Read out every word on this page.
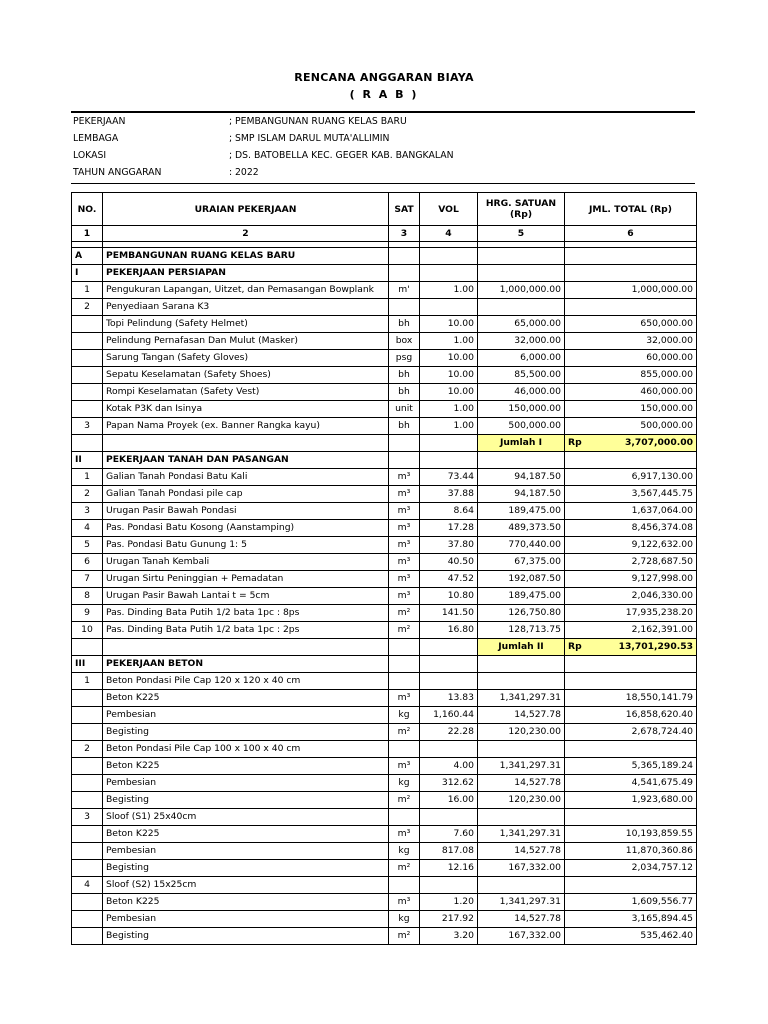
RENCANA ANGGARAN BIAYA
( R A B )
PEKERJAAN	; PEMBANGUNAN RUANG KELAS BARU
LEMBAGA	; SMP ISLAM DARUL MUTA'ALLIMIN
LOKASI	; DS. BATOBELLA KEC. GEGER KAB. BANGKALAN
TAHUN ANGGARAN	: 2022
NO.	URAIAN PEKERJAAN	SAT	VOL	HRG. SATUAN (Rp)	JML. TOTAL (Rp)
1	2	3	4	5	6

A	PEMBANGUNAN RUANG KELAS BARU				
I	PEKERJAAN PERSIAPAN				
1	Pengukuran Lapangan, Uitzet, dan Pemasangan Bowplank	m'	1.00	1,000,000.00	1,000,000.00
2	Penyediaan Sarana K3				
	Topi Pelindung (Safety Helmet)	bh	10.00	65,000.00	650,000.00
	Pelindung Pernafasan Dan Mulut (Masker)	box	1.00	32,000.00	32,000.00
	Sarung Tangan (Safety Gloves)	psg	10.00	6,000.00	60,000.00
	Sepatu Keselamatan (Safety Shoes)	bh	10.00	85,500.00	855,000.00
	Rompi Keselamatan (Safety Vest)	bh	10.00	46,000.00	460,000.00
	Kotak P3K dan Isinya	unit	1.00	150,000.00	150,000.00
3	Papan Nama Proyek (ex. Banner Rangka kayu)	bh	1.00	500,000.00	500,000.00
				Jumlah I	Rp 3,707,000.00

II	PEKERJAAN TANAH DAN PASANGAN				
1	Galian Tanah Pondasi Batu Kali	m³	73.44	94,187.50	6,917,130.00
2	Galian Tanah Pondasi pile cap	m³	37.88	94,187.50	3,567,445.75
3	Urugan Pasir Bawah Pondasi	m³	8.64	189,475.00	1,637,064.00
4	Pas. Pondasi Batu Kosong (Aanstamping)	m³	17.28	489,373.50	8,456,374.08
5	Pas. Pondasi Batu Gunung 1: 5	m³	37.80	770,440.00	9,122,632.00
6	Urugan Tanah Kembali	m³	40.50	67,375.00	2,728,687.50
7	Urugan Sirtu Peninggian + Pemadatan	m³	47.52	192,087.50	9,127,998.00
8	Urugan Pasir Bawah Lantai t = 5cm	m³	10.80	189,475.00	2,046,330.00
9	Pas. Dinding Bata Putih 1/2 bata 1pc : 8ps	m²	141.50	126,750.80	17,935,238.20
10	Pas. Dinding Bata Putih 1/2 bata 1pc : 2ps	m²	16.80	128,713.75	2,162,391.00
				Jumlah II	Rp 13,701,290.53

III	PEKERJAAN BETON				
1	Beton Pondasi Pile Cap 120 x 120 x 40 cm				
	Beton K225	m³	13.83	1,341,297.31	18,550,141.79
	Pembesian	kg	1,160.44	14,527.78	16,858,620.40
	Begisting	m²	22.28	120,230.00	2,678,724.40
2	Beton Pondasi Pile Cap 100 x 100 x 40 cm				
	Beton K225	m³	4.00	1,341,297.31	5,365,189.24
	Pembesian	kg	312.62	14,527.78	4,541,675.49
	Begisting	m²	16.00	120,230.00	1,923,680.00
3	Sloof (S1) 25x40cm				
	Beton K225	m³	7.60	1,341,297.31	10,193,859.55
	Pembesian	kg	817.08	14,527.78	11,870,360.86
	Begisting	m²	12.16	167,332.00	2,034,757.12
4	Sloof (S2) 15x25cm				
	Beton K225	m³	1.20	1,341,297.31	1,609,556.77
	Pembesian	kg	217.92	14,527.78	3,165,894.45
	Begisting	m²	3.20	167,332.00	535,462.40
